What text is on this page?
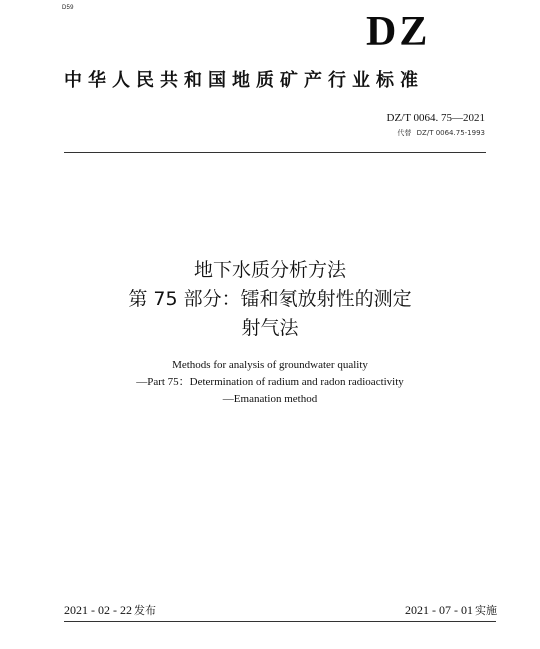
D59
DZ
中华人民共和国地质矿产行业标准
DZ/T 0064. 75—2021
代替 DZ/T 0064.75-1993
地下水质分析方法
第 75 部分：镭和氡放射性的测定
射气法
Methods for analysis of groundwater quality
—Part 75：Determination of radium and radon radioactivity
—Emanation method
2021 - 02 - 22 发布	2021 - 07 - 01 实施
